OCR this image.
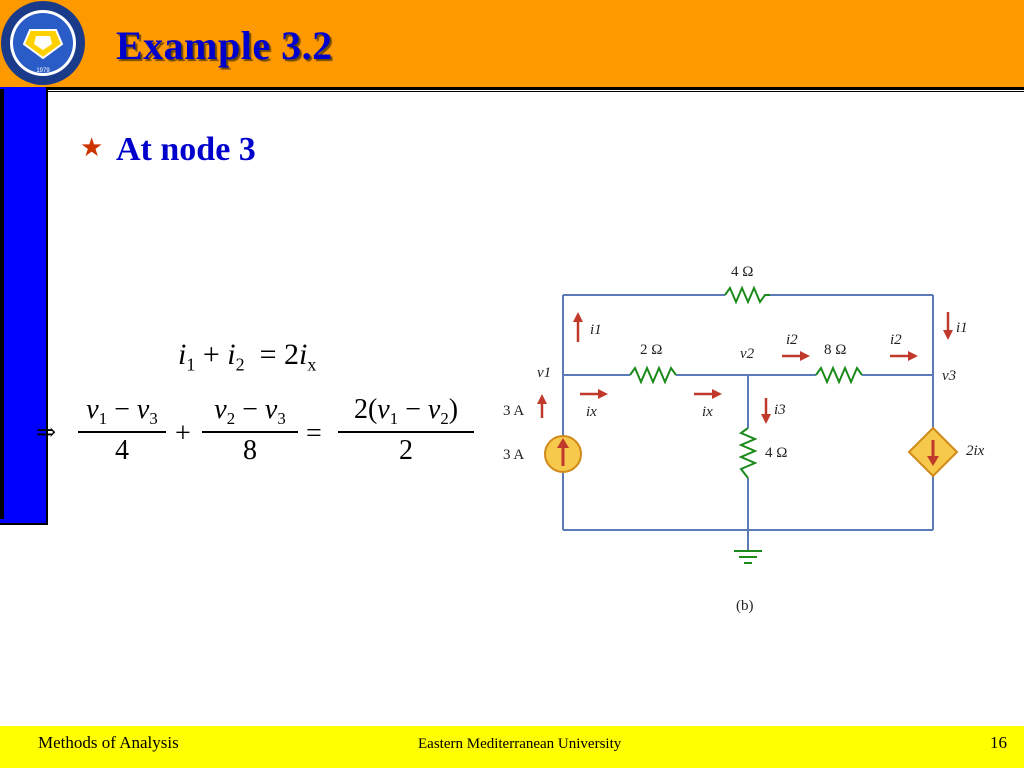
1979
Example 3.2
★ At node 3
$i_1 + i_2 = 2i_x$
⇒
$v_1 - v_3$
4
+
$v_2 - v_3$
8
=
$2(v_1 - v_2)$
2
4 Ω
2 Ω	8 Ω
4 Ω
3 A
3 A	2ix
v1
v2
v3
i1
i2	i2
i1
ix	ix	i3
(b)
Methods of Analysis	Eastern Mediterranean University	16
